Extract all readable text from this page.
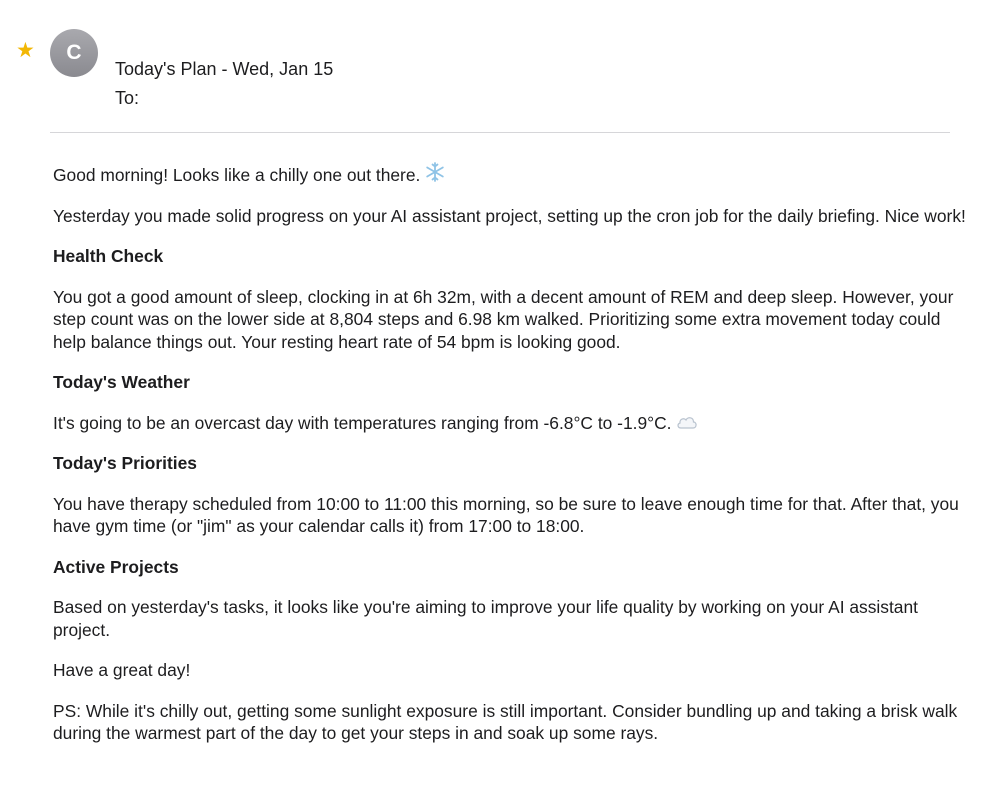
★ C
Today's Plan - Wed, Jan 15
To:

Good morning! Looks like a chilly one out there.

Yesterday you made solid progress on your AI assistant project, setting up the cron job for the daily briefing. Nice work!

Health Check

You got a good amount of sleep, clocking in at 6h 32m, with a decent amount of REM and deep sleep. However, your step count was on the lower side at 8,804 steps and 6.98 km walked. Prioritizing some extra movement today could help balance things out. Your resting heart rate of 54 bpm is looking good.

Today's Weather

It's going to be an overcast day with temperatures ranging from -6.8°C to -1.9°C.

Today's Priorities

You have therapy scheduled from 10:00 to 11:00 this morning, so be sure to leave enough time for that. After that, you have gym time (or "jim" as your calendar calls it) from 17:00 to 18:00.

Active Projects

Based on yesterday's tasks, it looks like you're aiming to improve your life quality by working on your AI assistant project.

Have a great day!

PS: While it's chilly out, getting some sunlight exposure is still important. Consider bundling up and taking a brisk walk during the warmest part of the day to get your steps in and soak up some rays.
